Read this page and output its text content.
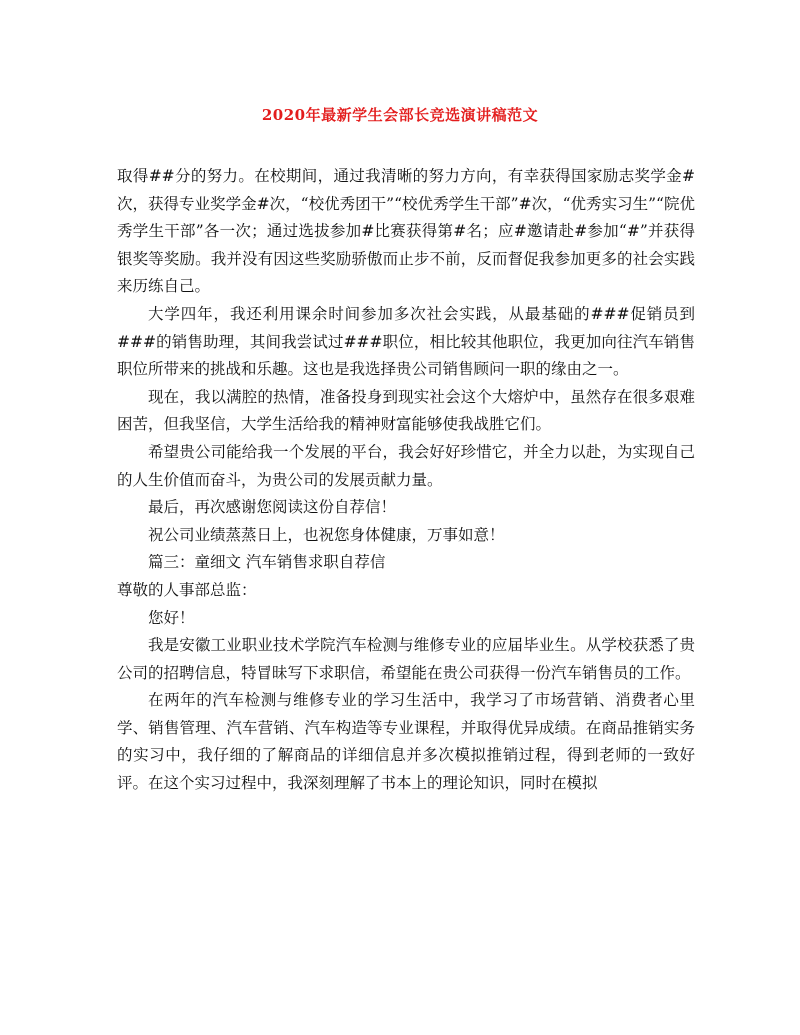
2020年最新学生会部长竞选演讲稿范文

取得##分的努力。在校期间，通过我清晰的努力方向，有幸获得国家励志奖学金#次，获得专业奖学金#次，“校优秀团干”“校优秀学生干部”#次，“优秀实习生”“院优秀学生干部”各一次；通过选拔参加#比赛获得第#名；应#邀请赴#参加“#”并获得银奖等奖励。我并没有因这些奖励骄傲而止步不前，反而督促我参加更多的社会实践来历练自己。

大学四年，我还利用课余时间参加多次社会实践，从最基础的###促销员到###的销售助理，其间我尝试过###职位，相比较其他职位，我更加向往汽车销售职位所带来的挑战和乐趣。这也是我选择贵公司销售顾问一职的缘由之一。

现在，我以满腔的热情，准备投身到现实社会这个大熔炉中，虽然存在很多艰难困苦，但我坚信，大学生活给我的精神财富能够使我战胜它们。

希望贵公司能给我一个发展的平台，我会好好珍惜它，并全力以赴，为实现自己的人生价值而奋斗，为贵公司的发展贡献力量。

最后，再次感谢您阅读这份自荐信！

祝公司业绩蒸蒸日上，也祝您身体健康，万事如意！

篇三：童细文 汽车销售求职自荐信

尊敬的人事部总监：

您好！

我是安徽工业职业技术学院汽车检测与维修专业的应届毕业生。从学校获悉了贵公司的招聘信息，特冒昧写下求职信，希望能在贵公司获得一份汽车销售员的工作。

在两年的汽车检测与维修专业的学习生活中，我学习了市场营销、消费者心里学、销售管理、汽车营销、汽车构造等专业课程，并取得优异成绩。在商品推销实务的实习中，我仔细的了解商品的详细信息并多次模拟推销过程，得到老师的一致好评。在这个实习过程中，我深刻理解了书本上的理论知识，同时在模拟
